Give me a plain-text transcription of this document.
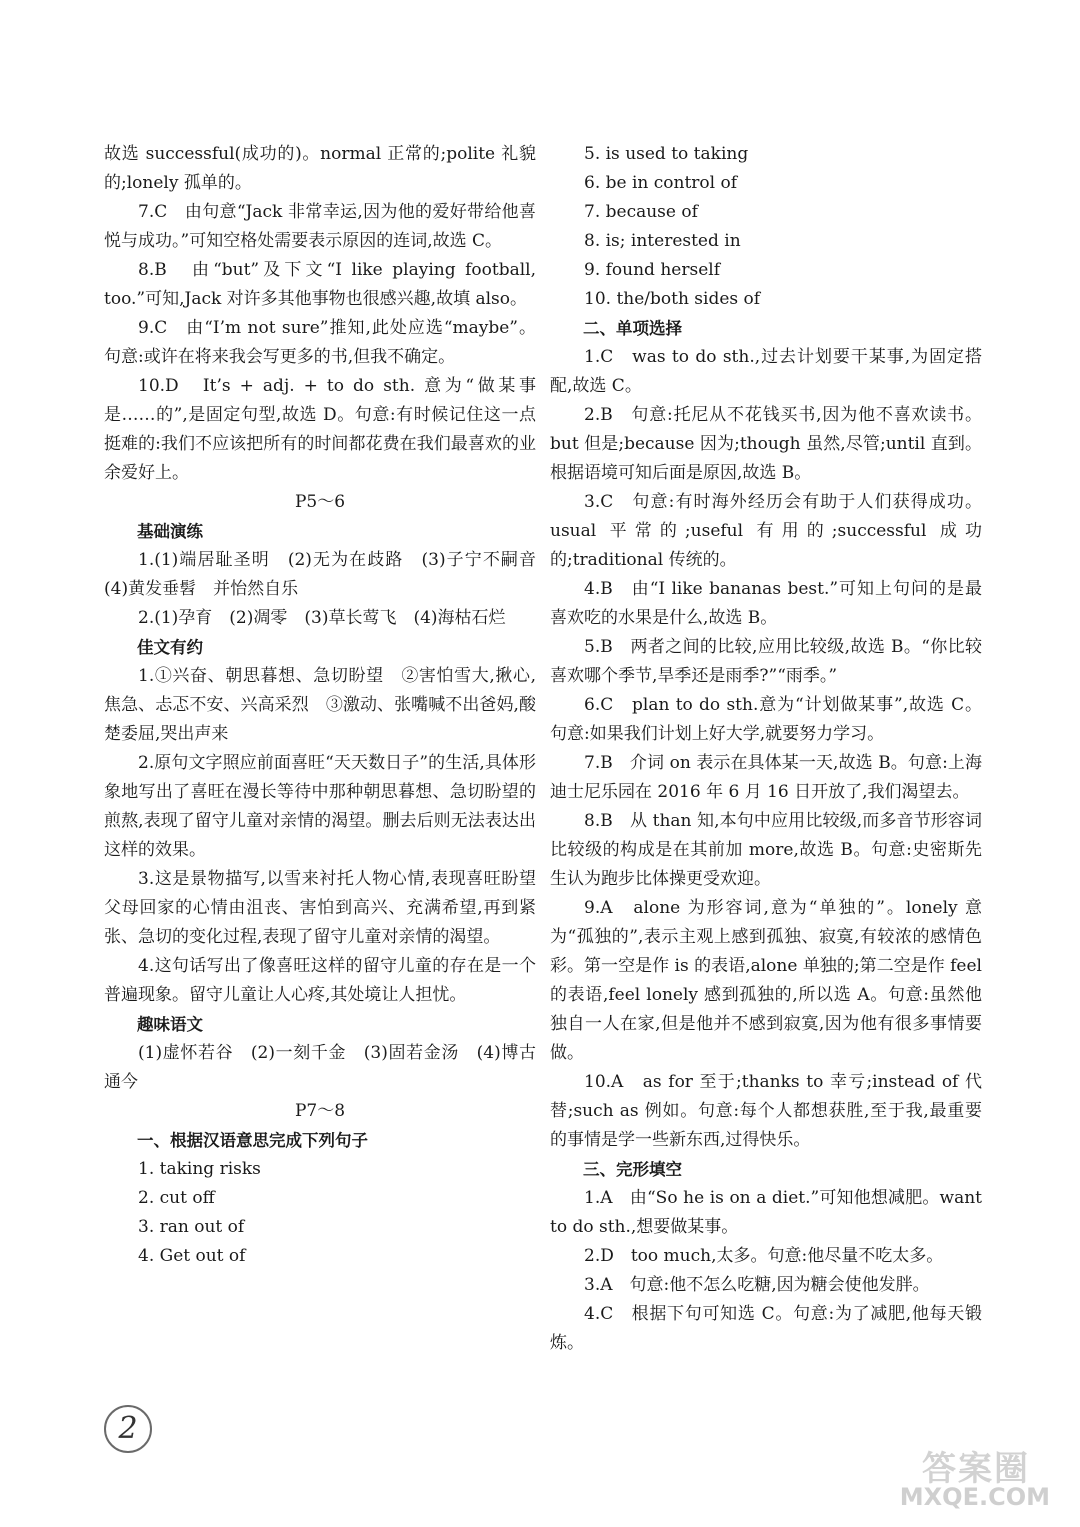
故选 successful(成功的)。normal 正常的;polite 礼貌的;lonely 孤单的。

7.C　由句意“Jack 非常幸运,因为他的爱好带给他喜悦与成功。”可知空格处需要表示原因的连词,故选 C。

8.B　由“but”及下文“I like playing football, too.”可知,Jack 对许多其他事物也很感兴趣,故填 also。

9.C　由“I’m not sure”推知,此处应选“maybe”。句意:或许在将来我会写更多的书,但我不确定。

10.D　It’s + adj. + to do sth. 意为“做某事是……的”,是固定句型,故选 D。句意:有时候记住这一点挺难的:我们不应该把所有的时间都花费在我们最喜欢的业余爱好上。

P5～6

基础演练

1.(1)端居耻圣明　(2)无为在歧路　(3)子宁不嗣音　(4)黄发垂髫　并怡然自乐

2.(1)孕育　(2)凋零　(3)草长莺飞　(4)海枯石烂

佳文有约

1.①兴奋、朝思暮想、急切盼望　②害怕雪大,揪心,焦急、忐忑不安、兴高采烈　③激动、张嘴喊不出爸妈,酸楚委屈,哭出声来

2.原句文字照应前面喜旺“天天数日子”的生活,具体形象地写出了喜旺在漫长等待中那种朝思暮想、急切盼望的煎熬,表现了留守儿童对亲情的渴望。删去后则无法表达出这样的效果。

3.这是景物描写,以雪来衬托人物心情,表现喜旺盼望父母回家的心情由沮丧、害怕到高兴、充满希望,再到紧张、急切的变化过程,表现了留守儿童对亲情的渴望。

4.这句话写出了像喜旺这样的留守儿童的存在是一个普遍现象。留守儿童让人心疼,其处境让人担忧。

趣味语文

(1)虚怀若谷　(2)一刻千金　(3)固若金汤　(4)博古通今

P7～8

一、根据汉语意思完成下列句子

1. taking risks

2. cut off

3. ran out of

4. Get out of

5. is used to taking

6. be in control of

7. because of

8. is; interested in

9. found herself

10. the/both sides of

二、单项选择

1.C　was to do sth.,过去计划要干某事,为固定搭配,故选 C。

2.B　句意:托尼从不花钱买书,因为他不喜欢读书。but 但是;because 因为;though 虽然,尽管;until 直到。根据语境可知后面是原因,故选 B。

3.C　句意:有时海外经历会有助于人们获得成功。usual 平常的;useful 有用的;successful 成功的;traditional 传统的。

4.B　由“I like bananas best.”可知上句问的是最喜欢吃的水果是什么,故选 B。

5.B　两者之间的比较,应用比较级,故选 B。“你比较喜欢哪个季节,旱季还是雨季?”“雨季。”

6.C　plan to do sth.意为“计划做某事”,故选 C。句意:如果我们计划上好大学,就要努力学习。

7.B　介词 on 表示在具体某一天,故选 B。句意:上海迪士尼乐园在 2016 年 6 月 16 日开放了,我们渴望去。

8.B　从 than 知,本句中应用比较级,而多音节形容词比较级的构成是在其前加 more,故选 B。句意:史密斯先生认为跑步比体操更受欢迎。

9.A　alone 为形容词,意为“单独的”。lonely 意为“孤独的”,表示主观上感到孤独、寂寞,有较浓的感情色彩。第一空是作 is 的表语,alone 单独的;第二空是作 feel 的表语,feel lonely 感到孤独的,所以选 A。句意:虽然他独自一人在家,但是他并不感到寂寞,因为他有很多事情要做。

10.A　as for 至于;thanks to 幸亏;instead of 代替;such as 例如。句意:每个人都想获胜,至于我,最重要的事情是学一些新东西,过得快乐。

三、完形填空

1.A　由“So he is on a diet.”可知他想减肥。want to do sth.,想要做某事。

2.D　too much,太多。句意:他尽量不吃太多。

3.A　句意:他不怎么吃糖,因为糖会使他发胖。

4.C　根据下句可知选 C。句意:为了减肥,他每天锻炼。

2
答案圈
MXQE.COM
